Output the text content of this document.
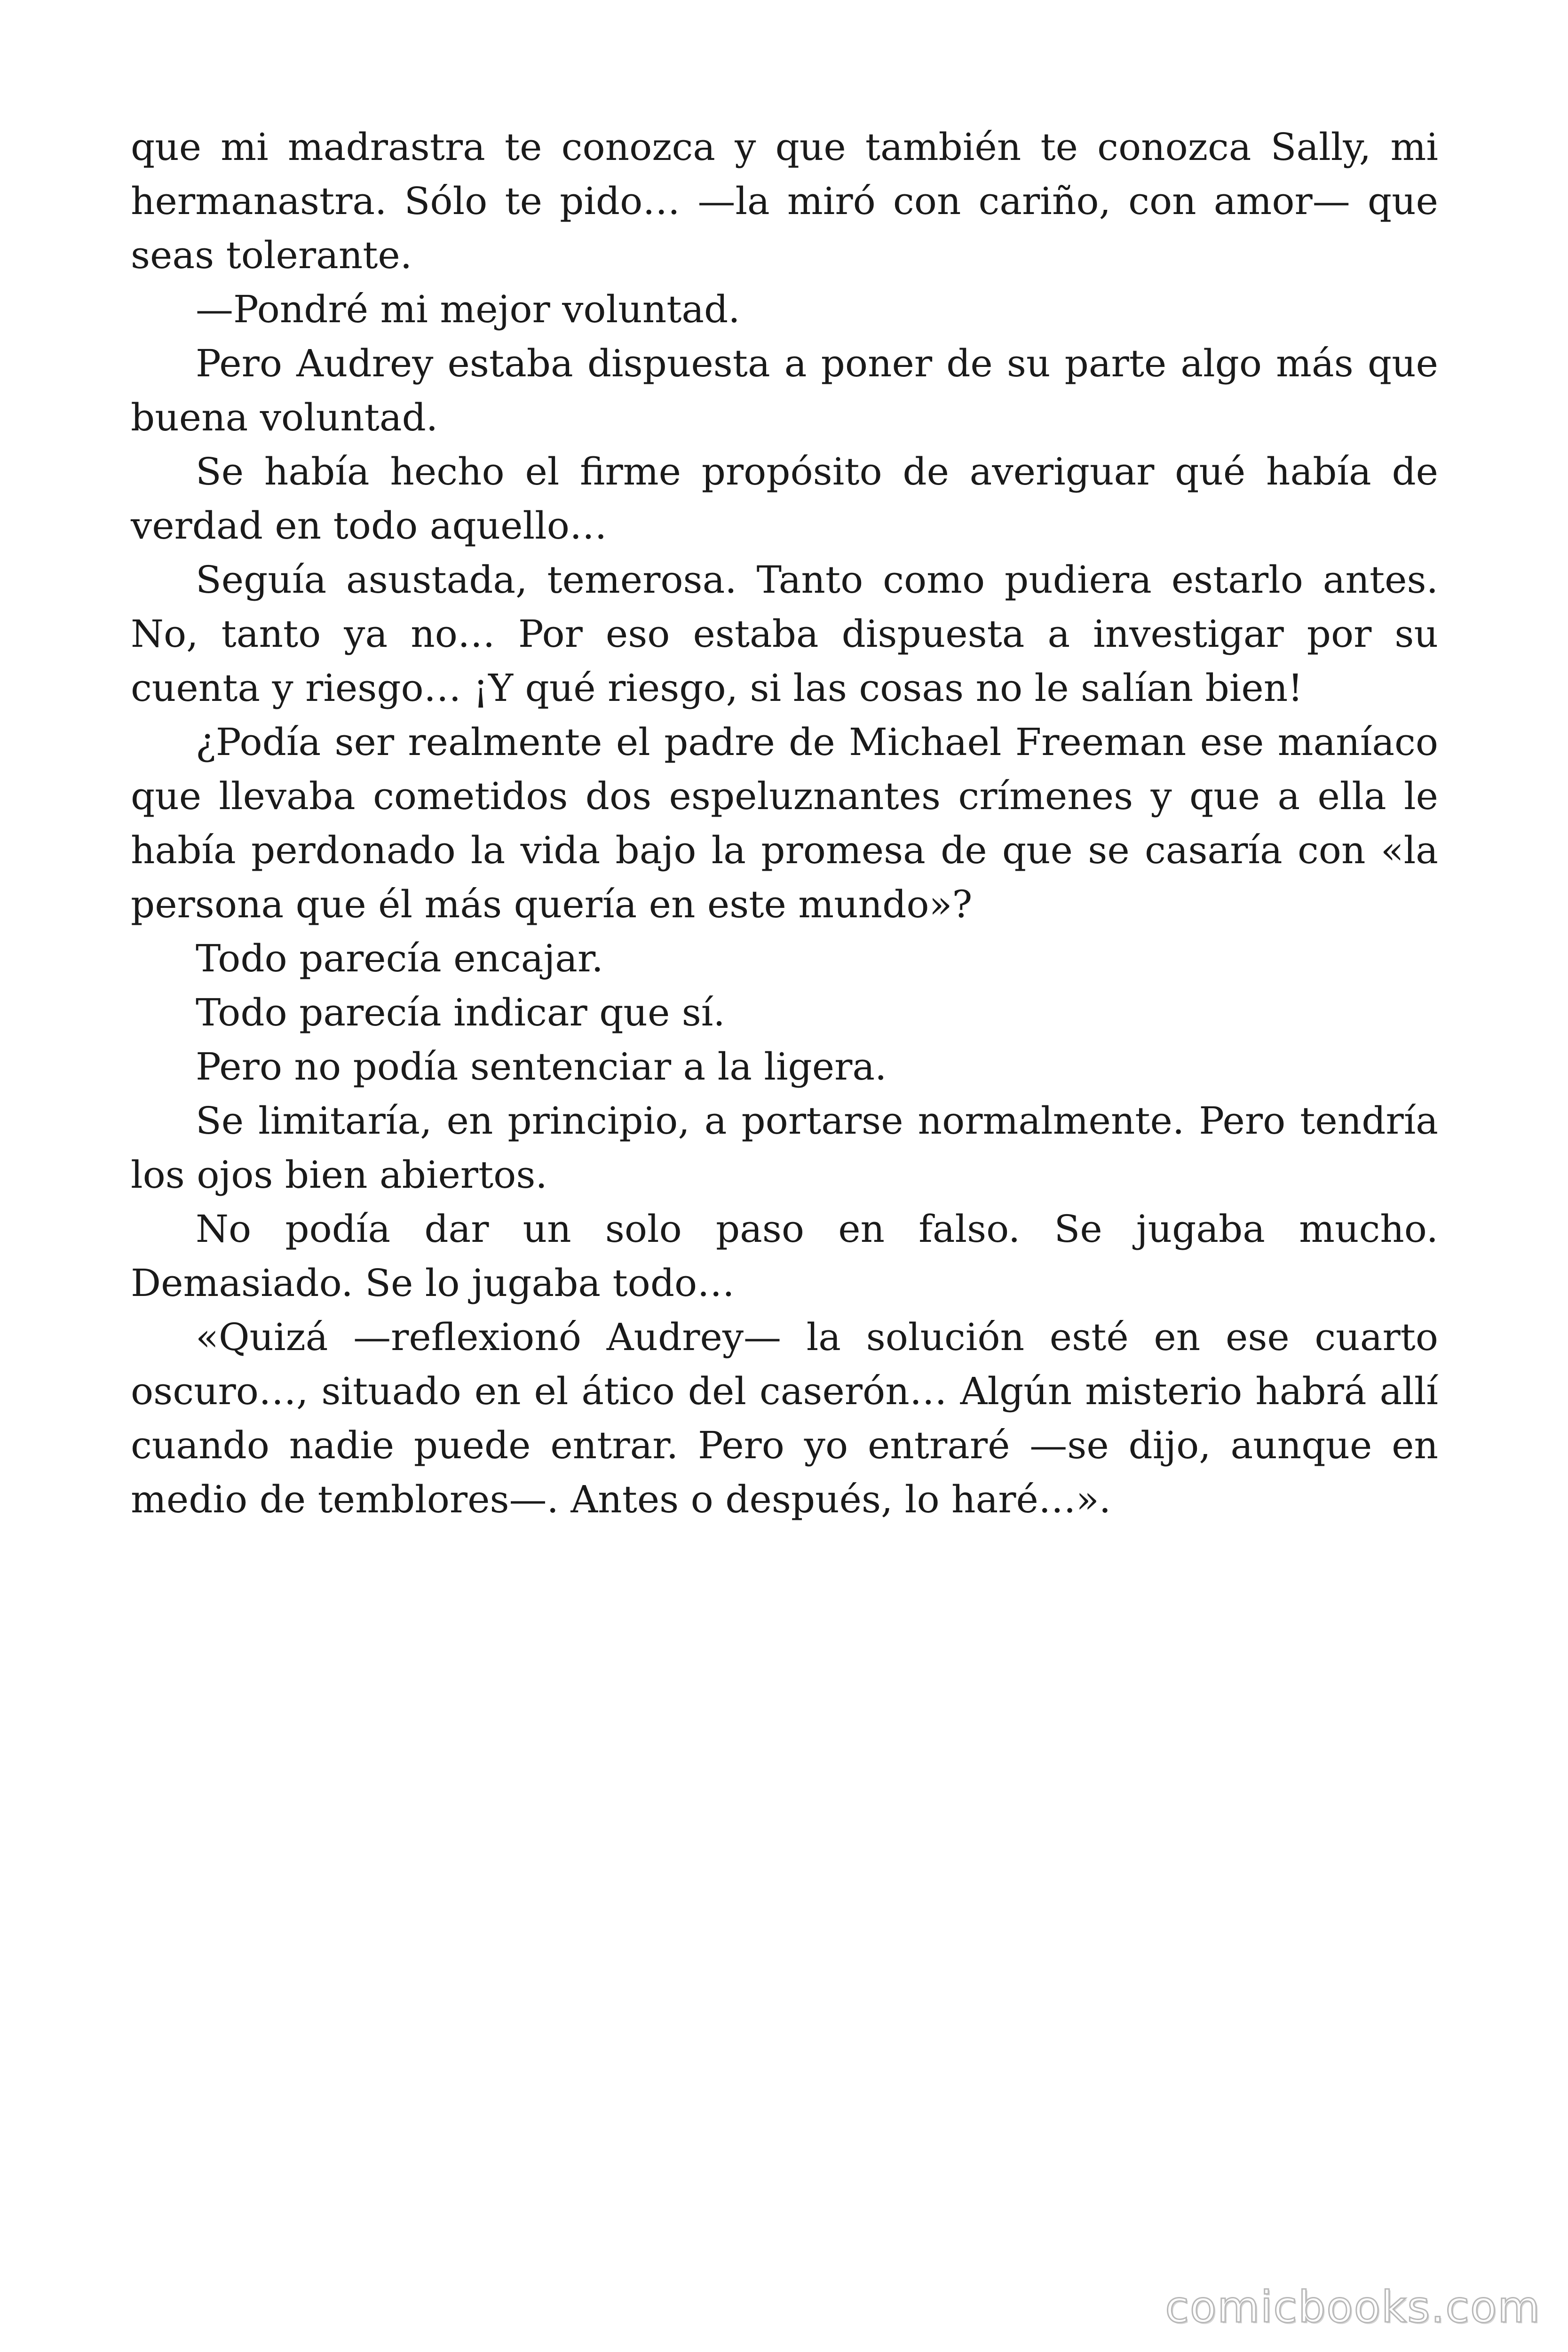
que mi madrastra te conozca y que también te conozca Sally, mi hermanastra. Sólo te pido… —la miró con cariño, con amor— que seas tolerante.

—Pondré mi mejor voluntad.

Pero Audrey estaba dispuesta a poner de su parte algo más que buena voluntad.

Se había hecho el firme propósito de averiguar qué había de verdad en todo aquello…

Seguía asustada, temerosa. Tanto como pudiera estarlo antes. No, tanto ya no… Por eso estaba dispuesta a investigar por su cuenta y riesgo… ¡Y qué riesgo, si las cosas no le salían bien!

¿Podía ser realmente el padre de Michael Freeman ese maníaco que llevaba cometidos dos espeluznantes crímenes y que a ella le había perdonado la vida bajo la promesa de que se casaría con «la persona que él más quería en este mundo»?

Todo parecía encajar.

Todo parecía indicar que sí.

Pero no podía sentenciar a la ligera.

Se limitaría, en principio, a portarse normalmente. Pero tendría los ojos bien abiertos.

No podía dar un solo paso en falso. Se jugaba mucho. Demasiado. Se lo jugaba todo…

«Quizá —reflexionó Audrey— la solución esté en ese cuarto oscuro…, situado en el ático del caserón… Algún misterio habrá allí cuando nadie puede entrar. Pero yo entraré —se dijo, aunque en medio de temblores—. Antes o después, lo haré…».

comicbooks.com
